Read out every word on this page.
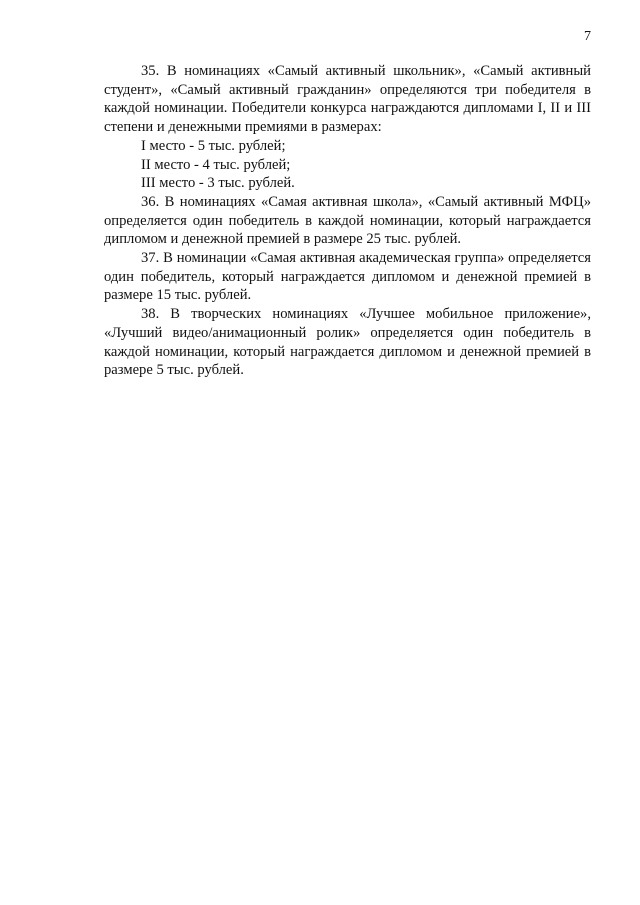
7

35. В номинациях «Самый активный школьник», «Самый активный студент», «Самый активный гражданин» определяются три победителя в каждой номинации. Победители конкурса награждаются дипломами I, II и III степени и денежными премиями в размерах:

I место - 5 тыс. рублей;

II место - 4 тыс. рублей;

III место - 3 тыс. рублей.

36. В номинациях «Самая активная школа», «Самый активный МФЦ» определяется один победитель в каждой номинации, который награждается дипломом и денежной премией в размере 25 тыс. рублей.

37. В номинации «Самая активная академическая группа» определяется один победитель, который награждается дипломом и денежной премией в размере 15 тыс. рублей.

38. В творческих номинациях «Лучшее мобильное приложение», «Лучший видео/анимационный ролик» определяется один победитель в каждой номинации, который награждается дипломом и денежной премией в размере 5 тыс. рублей.
